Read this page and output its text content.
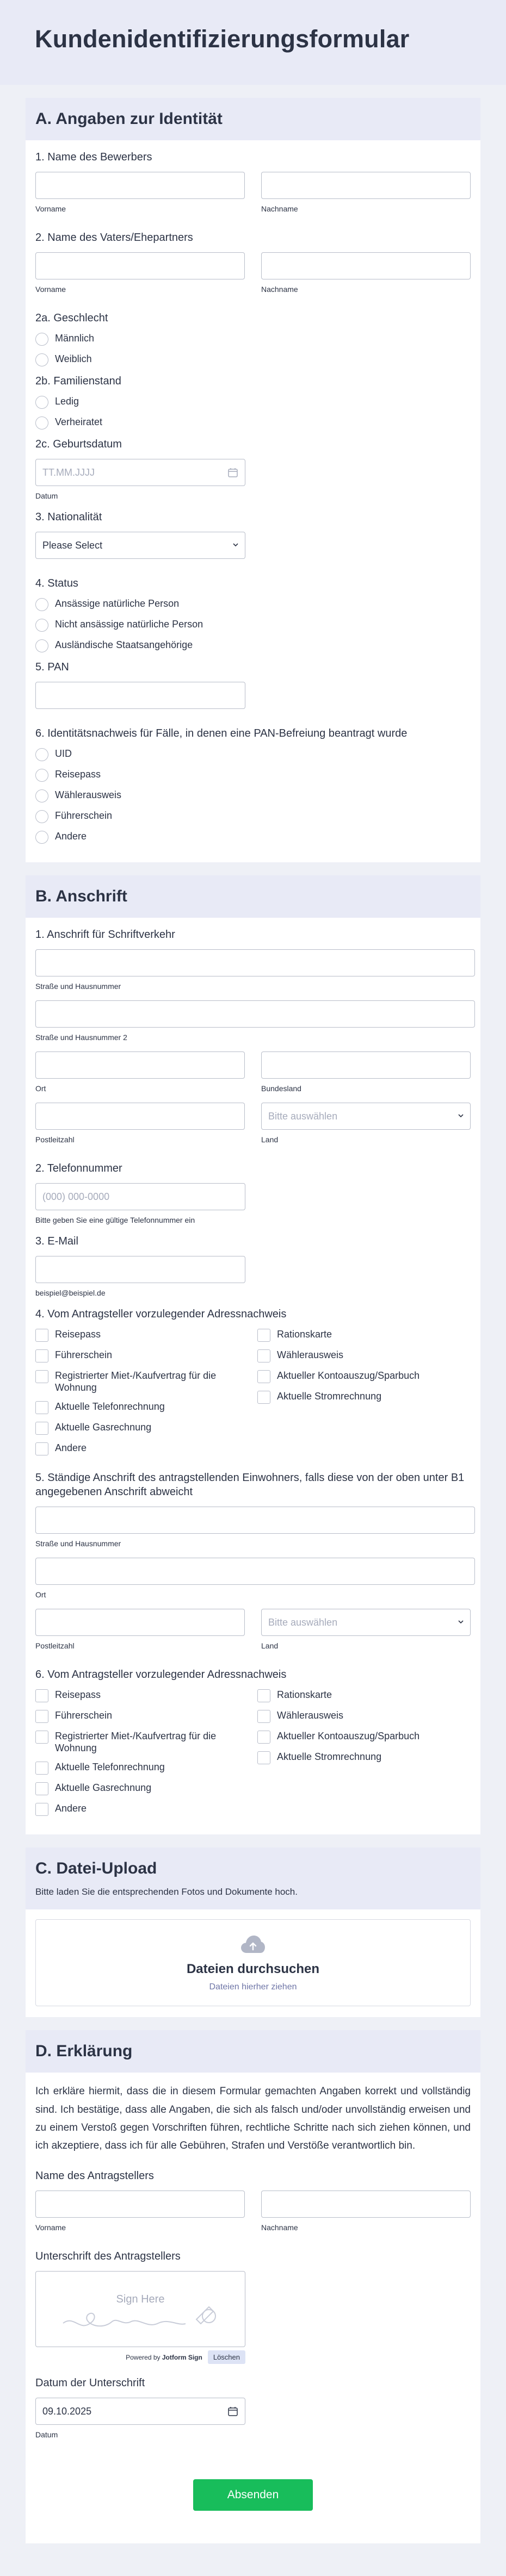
Kundenidentifizierungsformular
A. Angaben zur Identität
1. Name des Bewerbers
Vorname	Nachname
2. Name des Vaters/Ehepartners
Vorname	Nachname
2a. Geschlecht
Männlich
Weiblich
2b. Familienstand
Ledig
Verheiratet
2c. Geburtsdatum
TT.MM.JJJJ
Datum
3. Nationalität
Please Select
4. Status
Ansässige natürliche Person
Nicht ansässige natürliche Person
Ausländische Staatsangehörige
5. PAN
6. Identitätsnachweis für Fälle, in denen eine PAN-Befreiung beantragt wurde
UID
Reisepass
Wählerausweis
Führerschein
Andere
B. Anschrift
1. Anschrift für Schriftverkehr
Straße und Hausnummer
Straße und Hausnummer 2
Ort	Bundesland
Postleitzahl
Bitte auswählen
Land
2. Telefonnummer
(000) 000-0000
Bitte geben Sie eine gültige Telefonnummer ein
3. E-Mail
beispiel@beispiel.de
4. Vom Antragsteller vorzulegender Adressnachweis
Reisepass
Führerschein
Registrierter Miet-/Kaufvertrag für die Wohnung
Aktuelle Telefonrechnung
Aktuelle Gasrechnung
Andere
Rationskarte
Wählerausweis
Aktueller Kontoauszug/Sparbuch
Aktuelle Stromrechnung
5. Ständige Anschrift des antragstellenden Einwohners, falls diese von der oben unter B1 angegebenen Anschrift abweicht
Straße und Hausnummer
Ort
Postleitzahl
Bitte auswählen
Land
6. Vom Antragsteller vorzulegender Adressnachweis
Reisepass
Führerschein
Registrierter Miet-/Kaufvertrag für die Wohnung
Aktuelle Telefonrechnung
Aktuelle Gasrechnung
Andere
Rationskarte
Wählerausweis
Aktueller Kontoauszug/Sparbuch
Aktuelle Stromrechnung
C. Datei-Upload
Bitte laden Sie die entsprechenden Fotos und Dokumente hoch.
Dateien durchsuchen
Dateien hierher ziehen
D. Erklärung
Ich erkläre hiermit, dass die in diesem Formular gemachten Angaben korrekt und vollständig sind. Ich bestätige, dass alle Angaben, die sich als falsch und/oder unvollständig erweisen und zu einem Verstoß gegen Vorschriften führen, rechtliche Schritte nach sich ziehen können, und ich akzeptiere, dass ich für alle Gebühren, Strafen und Verstöße verantwortlich bin.
Name des Antragstellers
Vorname	Nachname
Unterschrift des Antragstellers
Sign Here
Powered by Jotform Sign	Löschen
Datum der Unterschrift
09.10.2025
Datum
Absenden
